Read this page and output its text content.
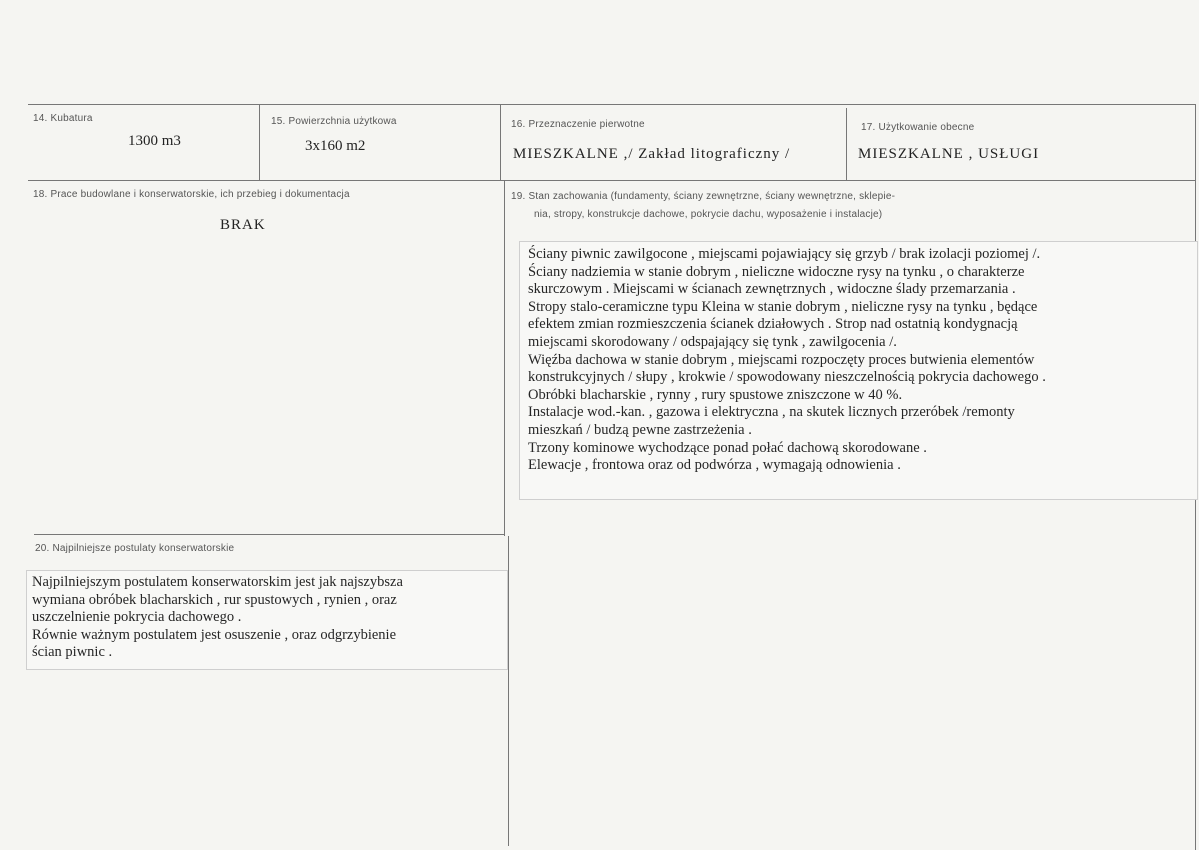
14. Kubatura
1300 m3
15. Powierzchnia użytkowa
3x160 m2
16. Przeznaczenie pierwotne
MIESZKALNE ,/ Zakład litograficzny /
17. Użytkowanie obecne
MIESZKALNE , USŁUGI
18. Prace budowlane i konserwatorskie, ich przebieg i dokumentacja
BRAK
19. Stan zachowania (fundamenty, ściany zewnętrzne, ściany wewnętrzne, sklepie-
nia, stropy, konstrukcje dachowe, pokrycie dachu, wyposażenie i instalacje)
Ściany piwnic zawilgocone , miejscami pojawiający się grzyb / brak izolacji poziomej /.
Ściany nadziemia w stanie dobrym , nieliczne widoczne rysy na tynku , o charakterze
skurczowym . Miejscami w ścianach zewnętrznych , widoczne ślady przemarzania .
Stropy stalo-ceramiczne typu Kleina w stanie dobrym , nieliczne rysy na tynku , będące
efektem zmian rozmieszczenia ścianek działowych . Strop nad ostatnią kondygnacją
miejscami skorodowany / odspajający się tynk , zawilgocenia /.
Więźba dachowa w stanie dobrym , miejscami rozpoczęty proces butwienia elementów
konstrukcyjnych / słupy , krokwie / spowodowany nieszczelnością pokrycia dachowego .
Obróbki blacharskie , rynny , rury spustowe zniszczone w 40 %.
Instalacje wod.-kan. , gazowa i elektryczna , na skutek licznych przeróbek /remonty
mieszkań / budzą pewne zastrzeżenia .
Trzony kominowe wychodzące ponad połać dachową skorodowane .
Elewacje , frontowa oraz od podwórza , wymagają odnowienia .
20. Najpilniejsze postulaty konserwatorskie
Najpilniejszym postulatem konserwatorskim jest jak najszybsza
wymiana obróbek blacharskich , rur spustowych , rynien , oraz
uszczelnienie pokrycia dachowego .
Równie ważnym postulatem jest osuszenie , oraz odgrzybienie
ścian piwnic .
